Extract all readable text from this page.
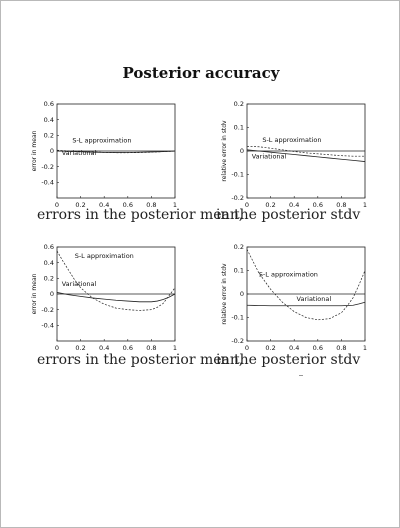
Posterior accuracy
0	0.2 0.4 0.6 0.8	1
0.6
0.4
0.2
0
-0.2
-0.4
error in mean	S-L approximation
Variational
0	0.2 0.4 0.6 0.8	1
0.2
0.1
0
-0.1
-0.2
relative error in stdv	S-L approximation
Variational
errors in the posterior mean,
in the posterior stdv
0	0.2 0.4 0.6 0.8	1
0.6
0.4
0.2
0
-0.2
-0.4
error in mean
S-L approximation
Variational
0	0.2 0.4 0.6 0.8	1
0.2
0.1
0
-0.1
-0.2
relative error in stdv	S-L approximation
Variational
errors in the posterior mean,
in the posterior stdv
